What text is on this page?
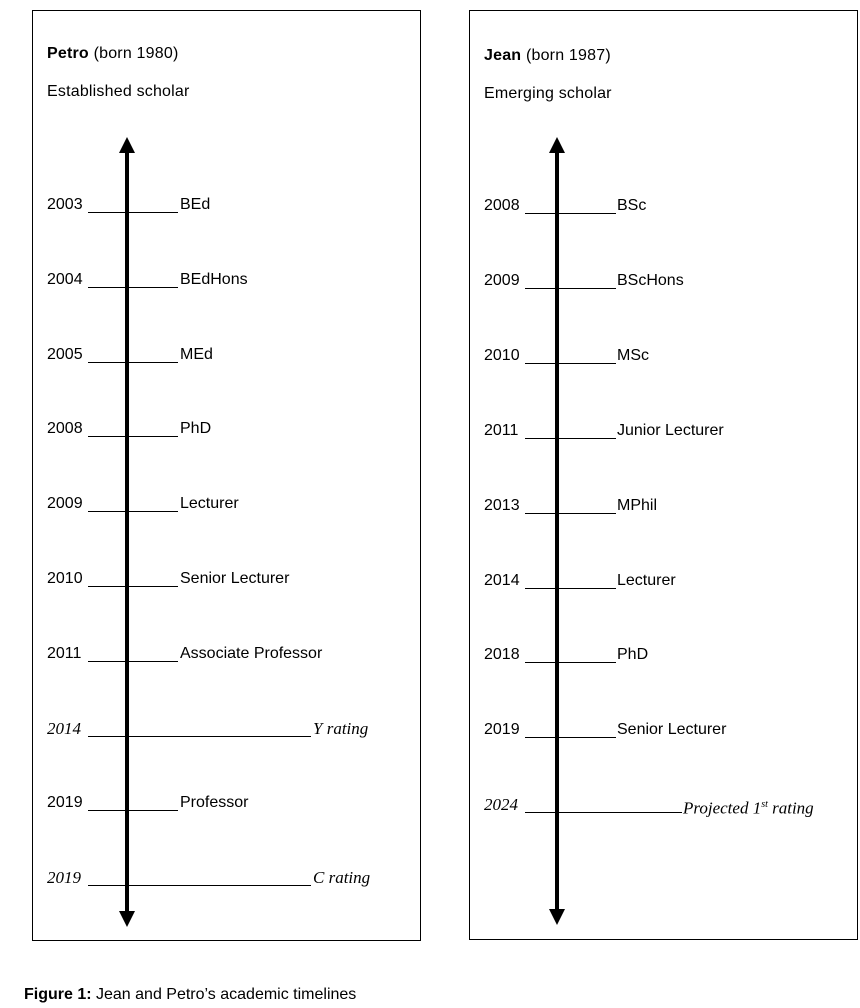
Petro (born 1980)
Established scholar
2003	BEd
2004	BEdHons
2005	MEd
2008	PhD
2009	Lecturer
2010	Senior Lecturer
2011	Associate Professor
2014	Y rating
2019	Professor
2019	C rating
Jean (born 1987)
Emerging scholar
2008	BSc
2009	BScHons
2010	MSc
2011	Junior Lecturer
2013	MPhil
2014	Lecturer
2018	PhD
2019	Senior Lecturer
2024	Projected 1st rating
Figure 1: Jean and Petro’s academic timelines
